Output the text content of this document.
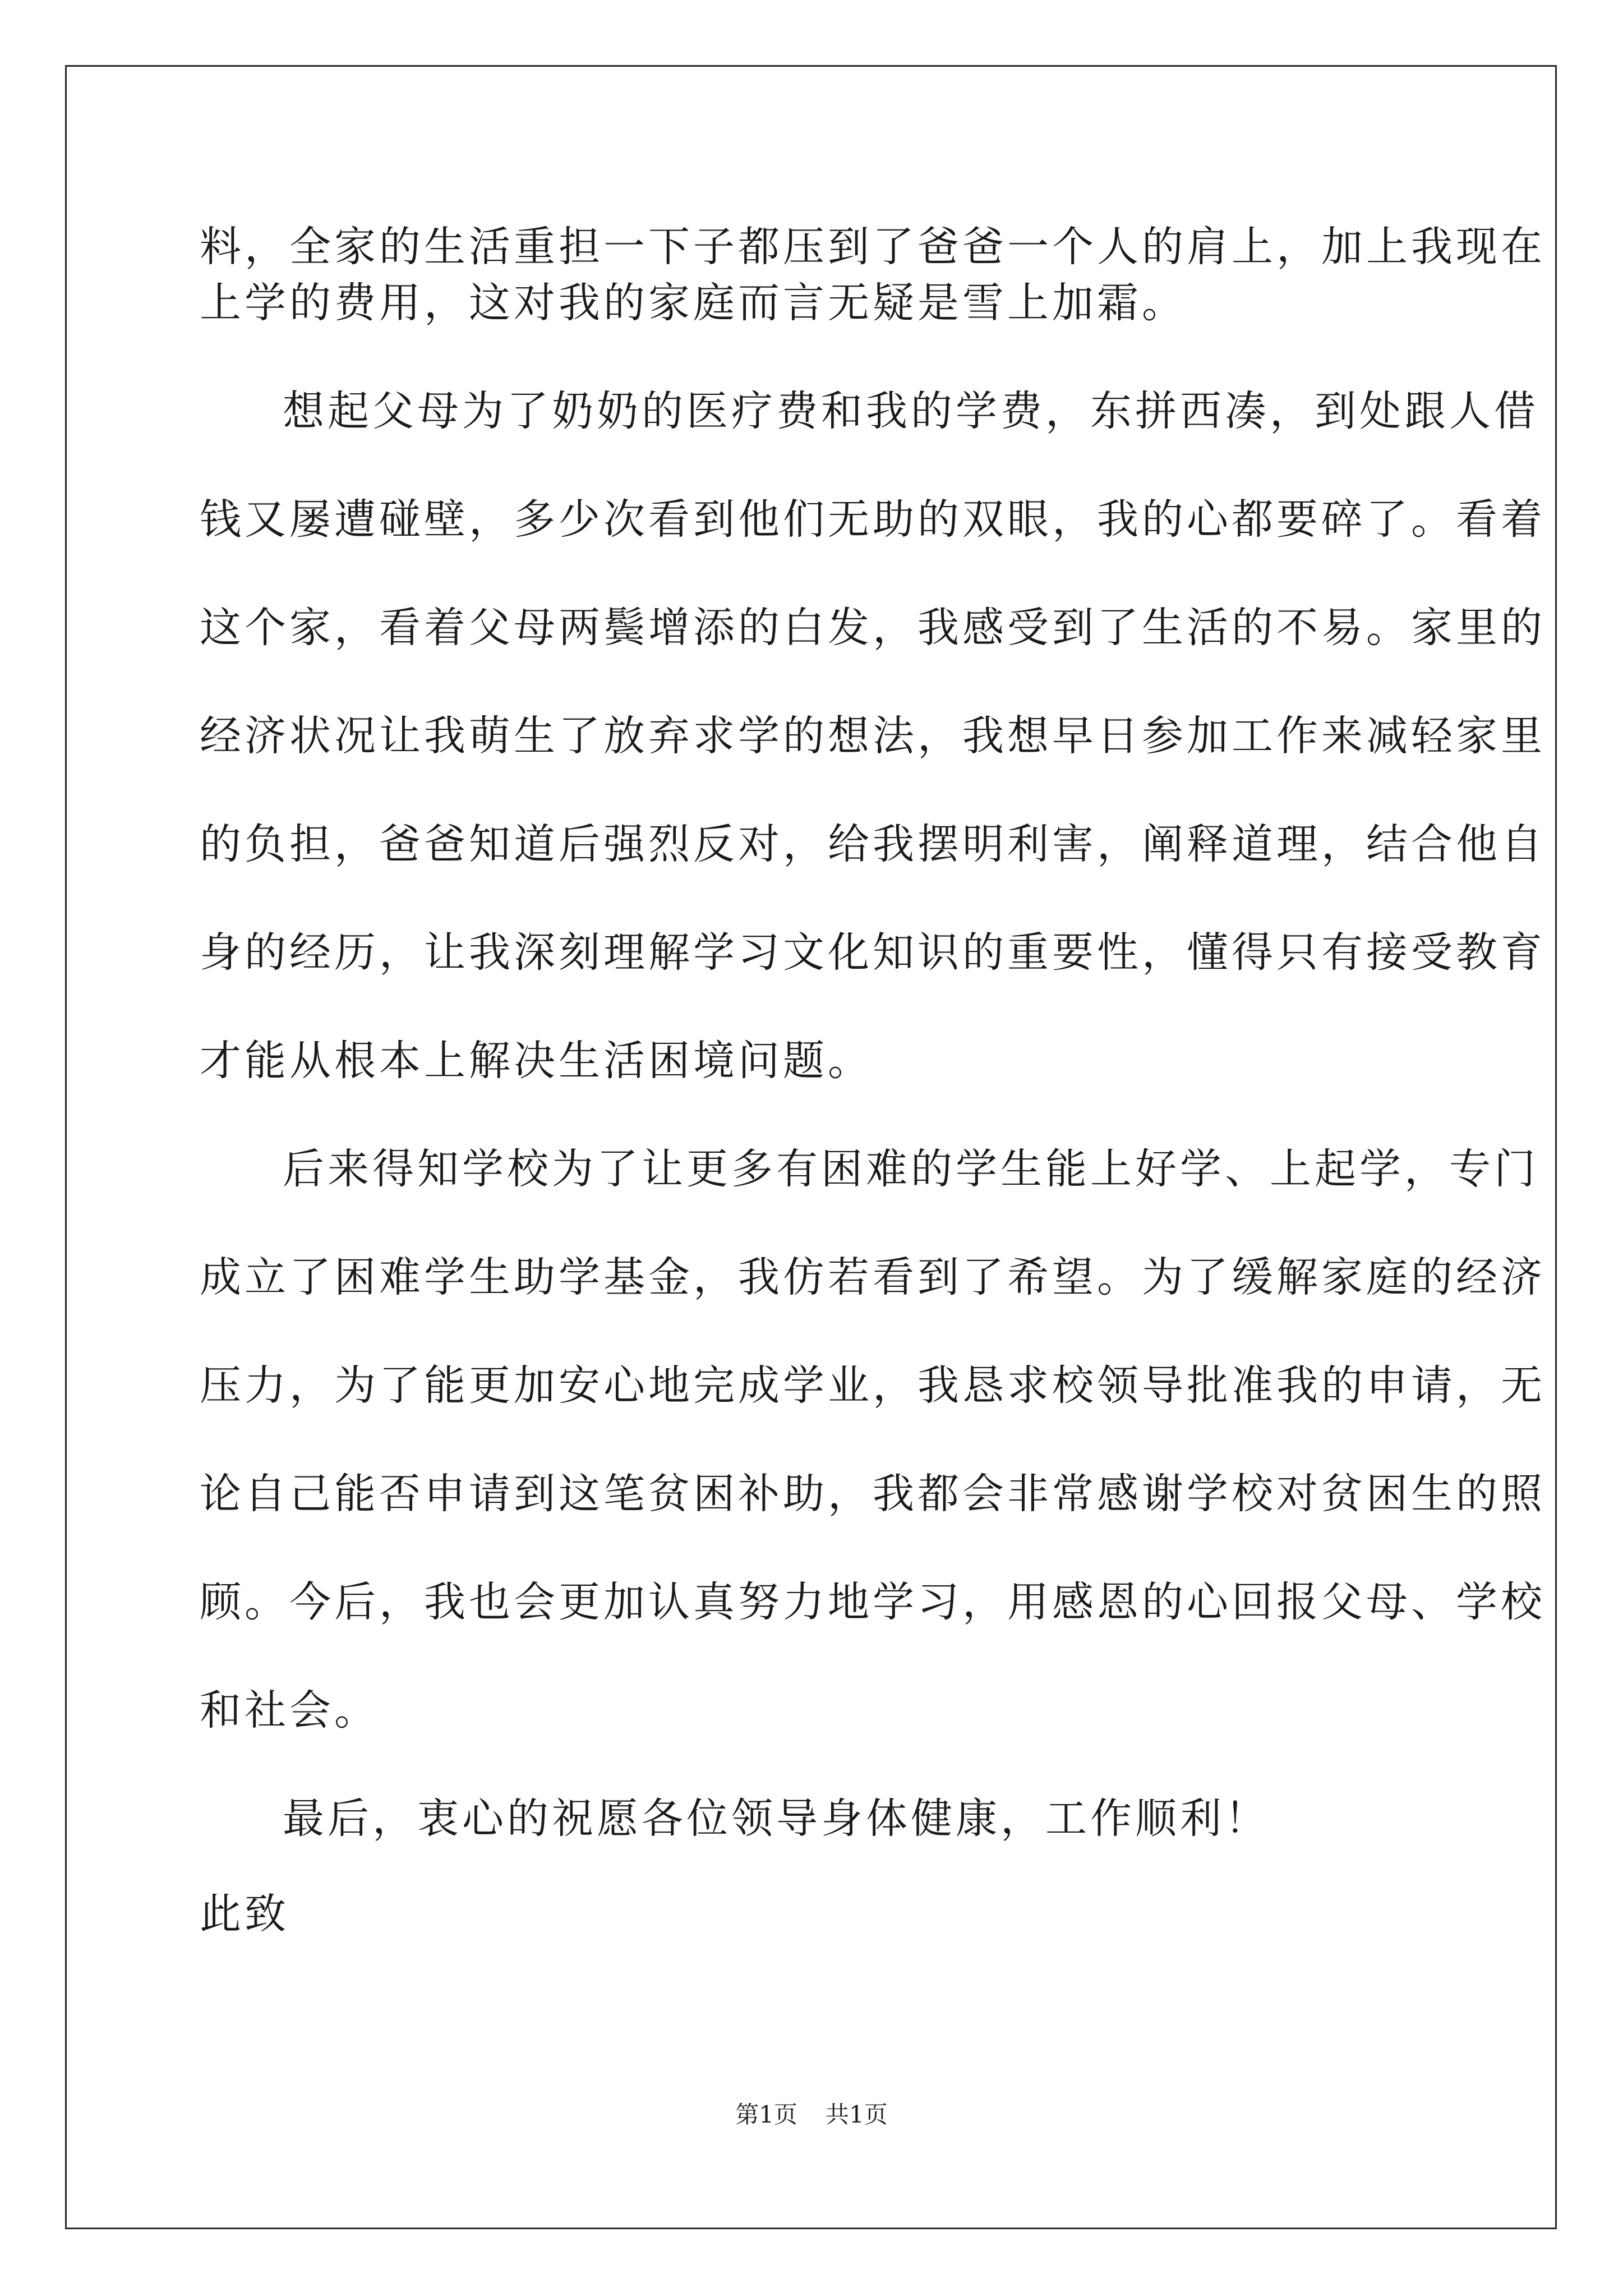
料，全家的生活重担一下子都压到了爸爸一个人的肩上，加上我现在

上学的费用，这对我的家庭而言无疑是雪上加霜。

想起父母为了奶奶的医疗费和我的学费，东拼西凑，到处跟人借

钱又屡遭碰壁，多少次看到他们无助的双眼，我的心都要碎了。看着

这个家，看着父母两鬓增添的白发，我感受到了生活的不易。家里的

经济状况让我萌生了放弃求学的想法，我想早日参加工作来减轻家里

的负担，爸爸知道后强烈反对，给我摆明利害，阐释道理，结合他自

身的经历，让我深刻理解学习文化知识的重要性，懂得只有接受教育

才能从根本上解决生活困境问题。

后来得知学校为了让更多有困难的学生能上好学、上起学，专门

成立了困难学生助学基金，我仿若看到了希望。为了缓解家庭的经济

压力，为了能更加安心地完成学业，我恳求校领导批准我的申请，无

论自己能否申请到这笔贫困补助，我都会非常感谢学校对贫困生的照

顾。今后，我也会更加认真努力地学习，用感恩的心回报父母、学校

和社会。

最后，衷心的祝愿各位领导身体健康，工作顺利！

此致

第1页 共1页
